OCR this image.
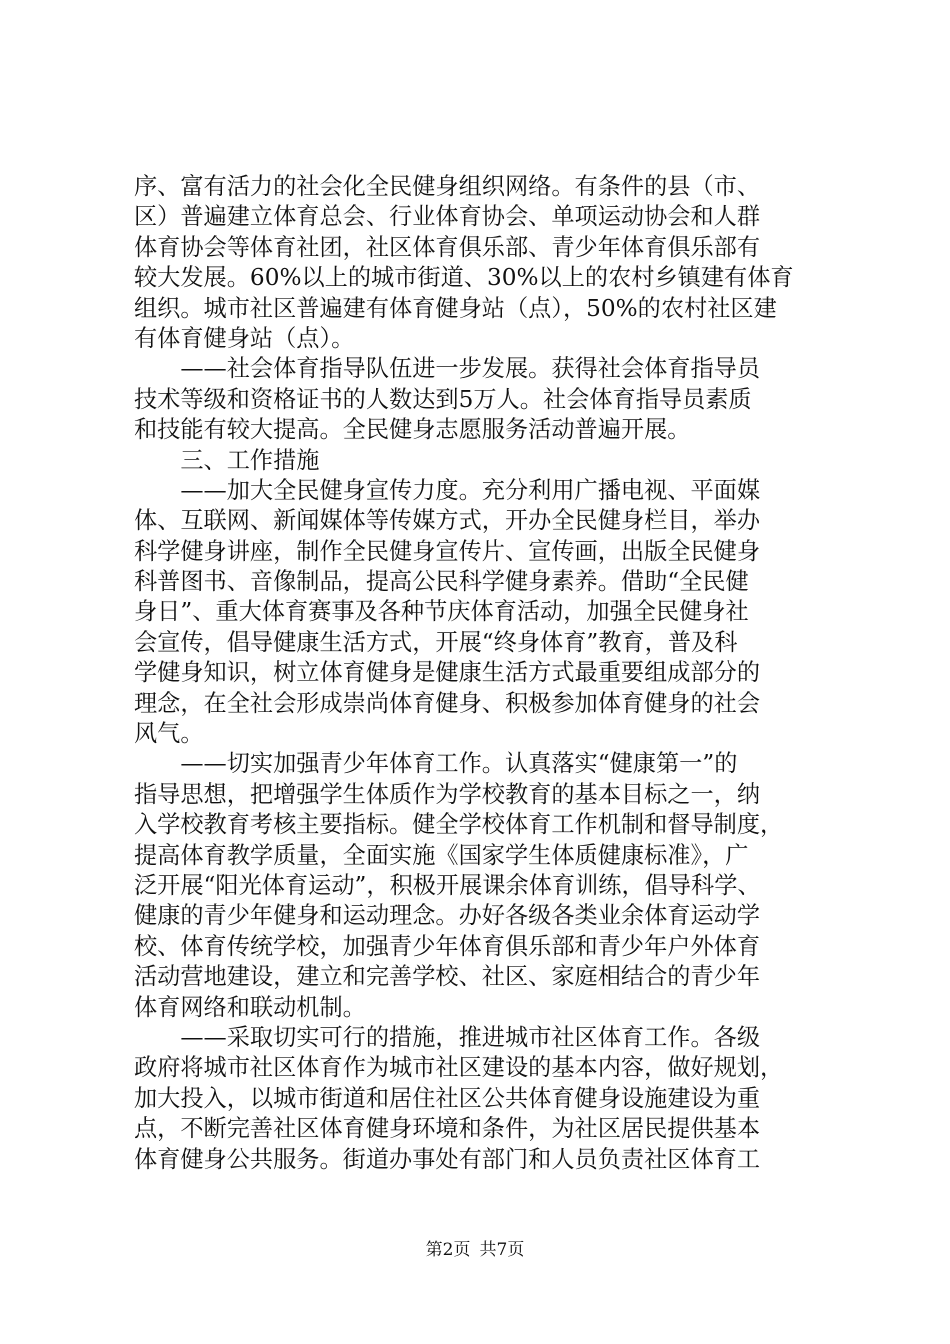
序、富有活力的社会化全民健身组织网络。有条件的县（市、
区）普遍建立体育总会、行业体育协会、单项运动协会和人群
体育协会等体育社团，社区体育俱乐部、青少年体育俱乐部有
较大发展。60%以上的城市街道、30%以上的农村乡镇建有体育
组织。城市社区普遍建有体育健身站（点），50%的农村社区建
有体育健身站（点）。
　　——社会体育指导队伍进一步发展。获得社会体育指导员
技术等级和资格证书的人数达到5万人。社会体育指导员素质
和技能有较大提高。全民健身志愿服务活动普遍开展。
　　三、工作措施
　　——加大全民健身宣传力度。充分利用广播电视、平面媒
体、互联网、新闻媒体等传媒方式，开办全民健身栏目，举办
科学健身讲座，制作全民健身宣传片、宣传画，出版全民健身
科普图书、音像制品，提高公民科学健身素养。借助“全民健
身日”、重大体育赛事及各种节庆体育活动，加强全民健身社
会宣传，倡导健康生活方式，开展“终身体育”教育，普及科
学健身知识，树立体育健身是健康生活方式最重要组成部分的
理念，在全社会形成崇尚体育健身、积极参加体育健身的社会
风气。
　　——切实加强青少年体育工作。认真落实“健康第一”的
指导思想，把增强学生体质作为学校教育的基本目标之一，纳
入学校教育考核主要指标。健全学校体育工作机制和督导制度，
提高体育教学质量，全面实施《国家学生体质健康标准》，广
泛开展“阳光体育运动”，积极开展课余体育训练，倡导科学、
健康的青少年健身和运动理念。办好各级各类业余体育运动学
校、体育传统学校，加强青少年体育俱乐部和青少年户外体育
活动营地建设，建立和完善学校、社区、家庭相结合的青少年
体育网络和联动机制。
　　——采取切实可行的措施，推进城市社区体育工作。各级
政府将城市社区体育作为城市社区建设的基本内容，做好规划，
加大投入，以城市街道和居住社区公共体育健身设施建设为重
点，不断完善社区体育健身环境和条件，为社区居民提供基本
体育健身公共服务。街道办事处有部门和人员负责社区体育工
第2页 共7页
